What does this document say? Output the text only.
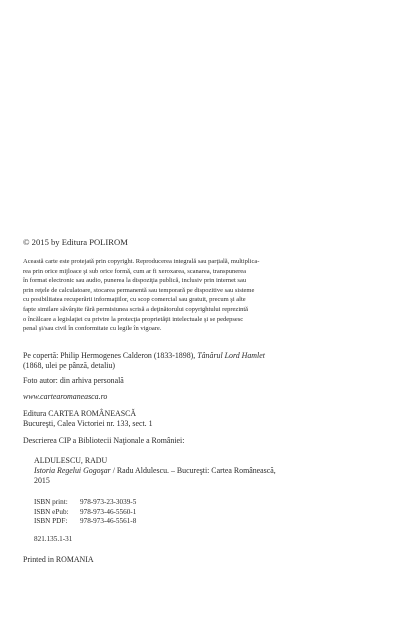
© 2015 by Editura POLIROM

Această carte este protejată prin copyright. Reproducerea integrală sau parţială, multiplica-

rea prin orice mijloace şi sub orice formă, cum ar fi xeroxarea, scanarea, transpunerea

în format electronic sau audio, punerea la dispoziţia publică, inclusiv prin internet sau

prin reţele de calculatoare, stocarea permanentă sau temporară pe dispozitive sau sisteme

cu posibilitatea recuperării informaţiilor, cu scop comercial sau gratuit, precum şi alte

fapte similare săvârşite fără permisiunea scrisă a deţinătorului copyrightului reprezintă

o încălcare a legislaţiei cu privire la protecţia proprietăţii intelectuale şi se pedepsesc

penal şi/sau civil în conformitate cu legile în vigoare.

Pe copertă: Philip Hermogenes Calderon (1833-1898), Tânărul Lord Hamlet

(1868, ulei pe pânză, detaliu)

Foto autor: din arhiva personală
www.cartearomaneasca.ro

Editura CARTEA ROMÂNEASCĂ

Bucureşti, Calea Victoriei nr. 133, sect. 1

Descrierea CIP a Bibliotecii Naţionale a României:

ALDULESCU, RADU

Istoria Regelui Gogoşar / Radu Aldulescu. – Bucureşti: Cartea Românească,

2015

ISBN print:	978-973-23-3039-5
ISBN ePub:	978-973-46-5560-1
ISBN PDF:	978-973-46-5561-8
821.135.1-31
Printed in ROMANIA
